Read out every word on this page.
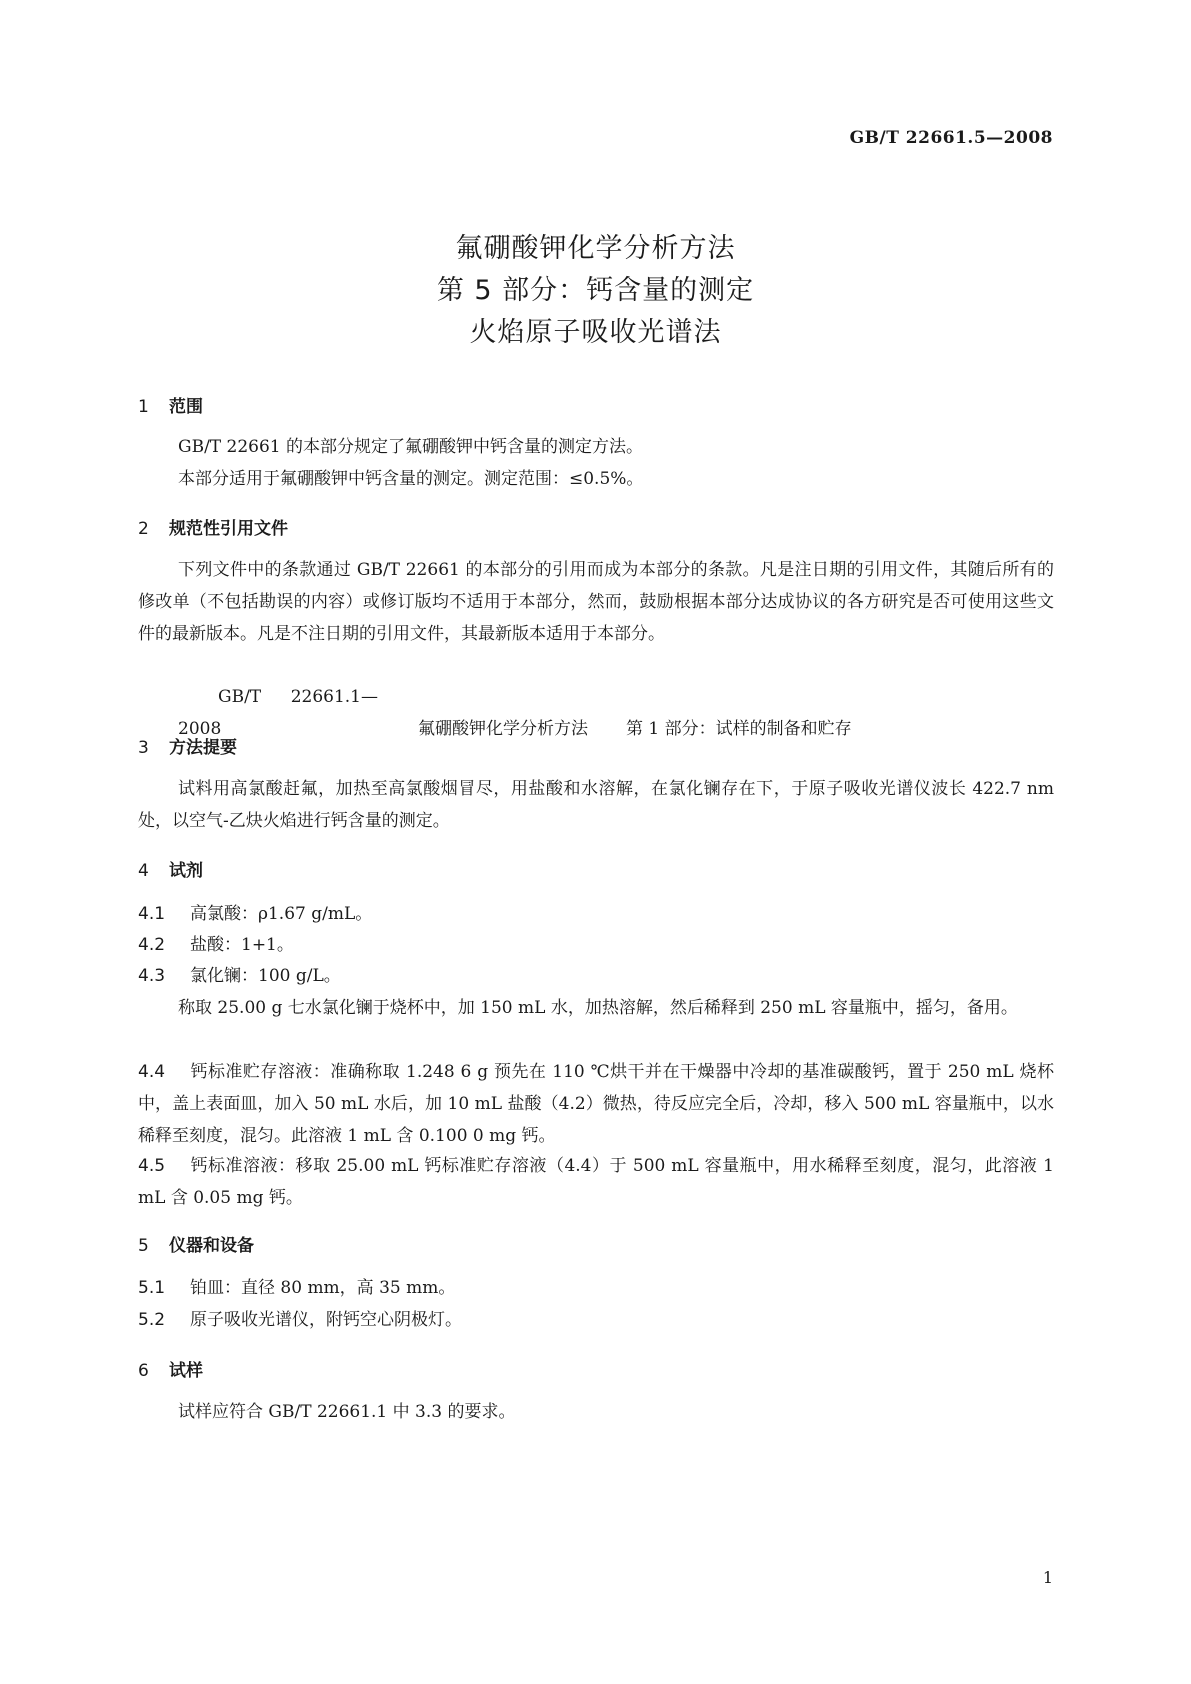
GB/T 22661.5—2008
氟硼酸钾化学分析方法
第 5 部分：钙含量的测定
火焰原子吸收光谱法
1 范围
GB/T 22661 的本部分规定了氟硼酸钾中钙含量的测定方法。
本部分适用于氟硼酸钾中钙含量的测定。测定范围：≤0.5%。
2 规范性引用文件
下列文件中的条款通过 GB/T 22661 的本部分的引用而成为本部分的条款。凡是注日期的引用文件，其随后所有的修改单（不包括勘误的内容）或修订版均不适用于本部分，然而，鼓励根据本部分达成协议的各方研究是否可使用这些文件的最新版本。凡是不注日期的引用文件，其最新版本适用于本部分。
GB/T 22661.1—2008	氟硼酸钾化学分析方法 第 1 部分：试样的制备和贮存
3 方法提要
试料用高氯酸赶氟，加热至高氯酸烟冒尽，用盐酸和水溶解，在氯化镧存在下，于原子吸收光谱仪波长 422.7 nm 处，以空气-乙炔火焰进行钙含量的测定。
4 试剂
4.1 高氯酸：ρ1.67 g/mL。
4.2 盐酸：1+1。
4.3 氯化镧：100 g/L。
称取 25.00 g 七水氯化镧于烧杯中，加 150 mL 水，加热溶解，然后稀释到 250 mL 容量瓶中，摇匀，备用。
4.4 钙标准贮存溶液：准确称取 1.248 6 g 预先在 110 ℃烘干并在干燥器中冷却的基准碳酸钙，置于 250 mL 烧杯中，盖上表面皿，加入 50 mL 水后，加 10 mL 盐酸（4.2）微热，待反应完全后，冷却，移入 500 mL 容量瓶中，以水稀释至刻度，混匀。此溶液 1 mL 含 0.100 0 mg 钙。
4.5 钙标准溶液：移取 25.00 mL 钙标准贮存溶液（4.4）于 500 mL 容量瓶中，用水稀释至刻度，混匀，此溶液 1 mL 含 0.05 mg 钙。
5 仪器和设备
5.1 铂皿：直径 80 mm，高 35 mm。
5.2 原子吸收光谱仪，附钙空心阴极灯。
6 试样
试样应符合 GB/T 22661.1 中 3.3 的要求。
1
